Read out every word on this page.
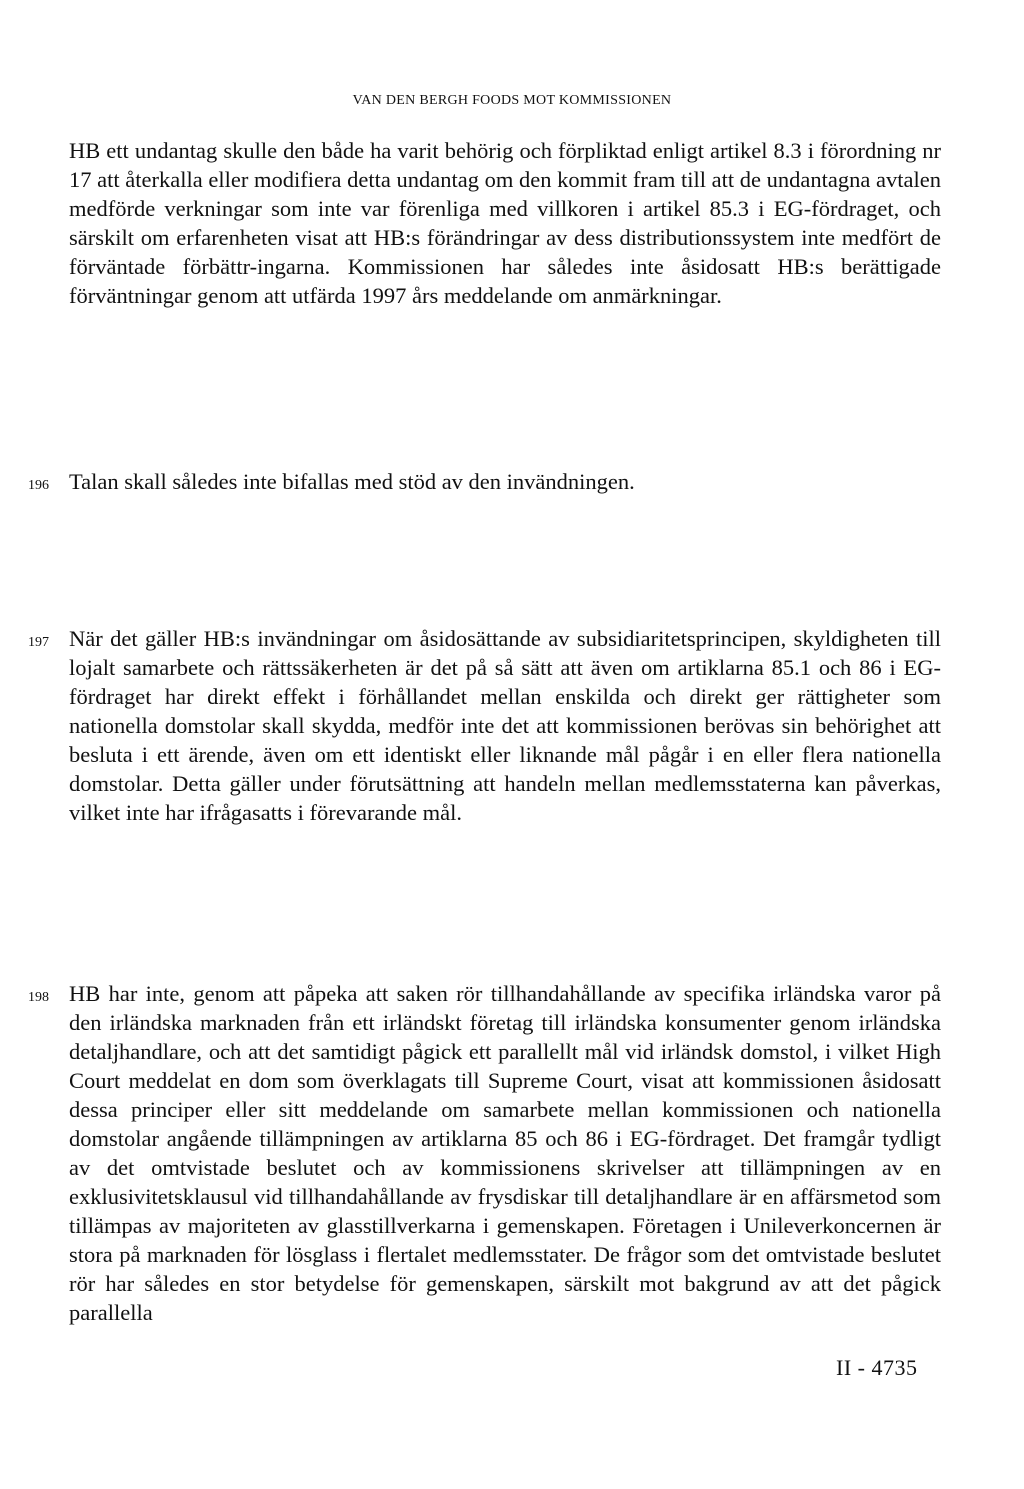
VAN DEN BERGH FOODS MOT KOMMISSIONEN

HB ett undantag skulle den både ha varit behörig och förpliktad enligt artikel 8.3 i förordning nr 17 att återkalla eller modifiera detta undantag om den kommit fram till att de undantagna avtalen medförde verkningar som inte var förenliga med villkoren i artikel 85.3 i EG-fördraget, och särskilt om erfarenheten visat att HB:s förändringar av dess distributionssystem inte medfört de förväntade förbättr-ingarna. Kommissionen har således inte åsidosatt HB:s berättigade förväntningar genom att utfärda 1997 års meddelande om anmärkningar.

196 Talan skall således inte bifallas med stöd av den invändningen.

197 När det gäller HB:s invändningar om åsidosättande av subsidiaritetsprincipen, skyldigheten till lojalt samarbete och rättssäkerheten är det på så sätt att även om artiklarna 85.1 och 86 i EG-fördraget har direkt effekt i förhållandet mellan enskilda och direkt ger rättigheter som nationella domstolar skall skydda, medför inte det att kommissionen berövas sin behörighet att besluta i ett ärende, även om ett identiskt eller liknande mål pågår i en eller flera nationella domstolar. Detta gäller under förutsättning att handeln mellan medlemsstaterna kan påverkas, vilket inte har ifrågasatts i förevarande mål.

198 HB har inte, genom att påpeka att saken rör tillhandahållande av specifika irländska varor på den irländska marknaden från ett irländskt företag till irländska konsumenter genom irländska detaljhandlare, och att det samtidigt pågick ett parallellt mål vid irländsk domstol, i vilket High Court meddelat en dom som överklagats till Supreme Court, visat att kommissionen åsidosatt dessa principer eller sitt meddelande om samarbete mellan kommissionen och nationella domstolar angående tillämpningen av artiklarna 85 och 86 i EG-fördraget. Det framgår tydligt av det omtvistade beslutet och av kommissionens skrivelser att tillämpningen av en exklusivitetsklausul vid tillhandahållande av frysdiskar till detaljhandlare är en affärsmetod som tillämpas av majoriteten av glasstillverkarna i gemenskapen. Företagen i Unileverkoncernen är stora på marknaden för lösglass i flertalet medlemsstater. De frågor som det omtvistade beslutet rör har således en stor betydelse för gemenskapen, särskilt mot bakgrund av att det pågick parallella

II - 4735
